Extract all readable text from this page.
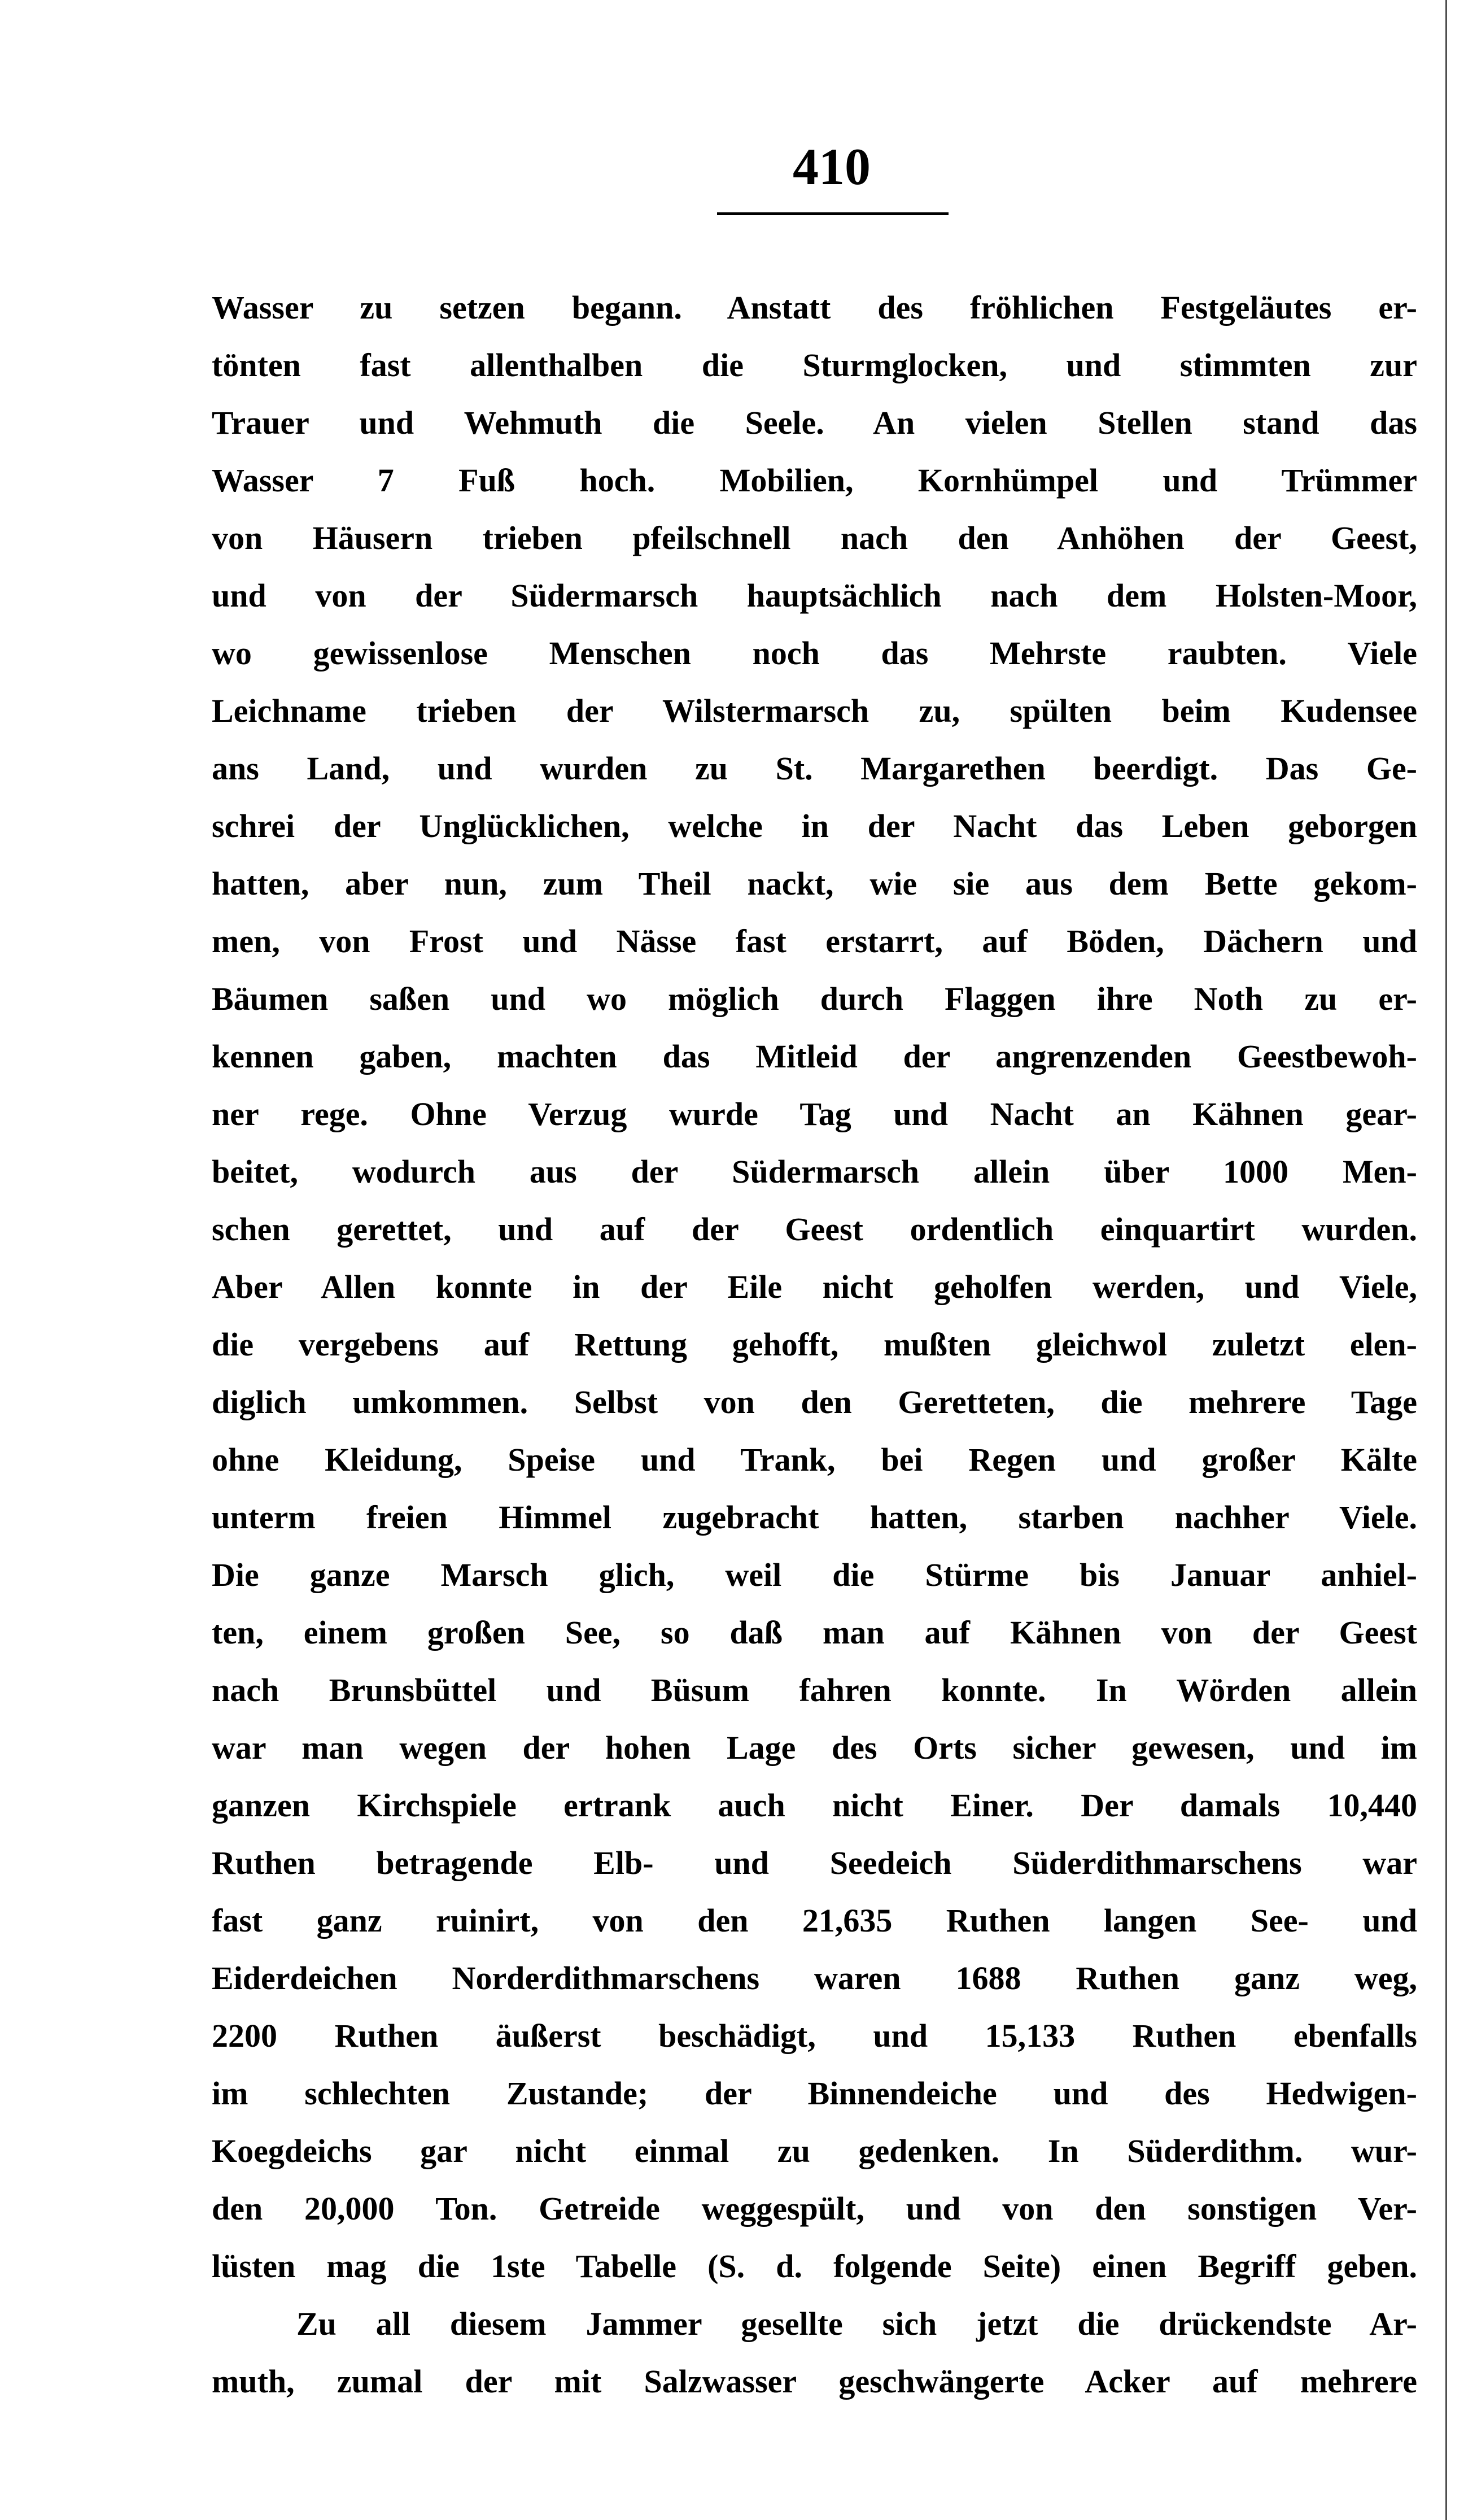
410
Wasser zu setzen begann. Anstatt des fröhlichen Festgeläutes er-
tönten fast allenthalben die Sturmglocken, und stimmten zur
Trauer und Wehmuth die Seele. An vielen Stellen stand das
Wasser 7 Fuß hoch. Mobilien, Kornhümpel und Trümmer
von Häusern trieben pfeilschnell nach den Anhöhen der Geest,
und von der Südermarsch hauptsächlich nach dem Holsten-Moor,
wo gewissenlose Menschen noch das Mehrste raubten. Viele
Leichname trieben der Wilstermarsch zu, spülten beim Kudensee
ans Land, und wurden zu St. Margarethen beerdigt. Das Ge-
schrei der Unglücklichen, welche in der Nacht das Leben geborgen
hatten, aber nun, zum Theil nackt, wie sie aus dem Bette gekom-
men, von Frost und Nässe fast erstarrt, auf Böden, Dächern und
Bäumen saßen und wo möglich durch Flaggen ihre Noth zu er-
kennen gaben, machten das Mitleid der angrenzenden Geestbewoh-
ner rege. Ohne Verzug wurde Tag und Nacht an Kähnen gear-
beitet, wodurch aus der Südermarsch allein über 1000 Men-
schen gerettet, und auf der Geest ordentlich einquartirt wurden.
Aber Allen konnte in der Eile nicht geholfen werden, und Viele,
die vergebens auf Rettung gehofft, mußten gleichwol zuletzt elen-
diglich umkommen. Selbst von den Geretteten, die mehrere Tage
ohne Kleidung, Speise und Trank, bei Regen und großer Kälte
unterm freien Himmel zugebracht hatten, starben nachher Viele.
Die ganze Marsch glich, weil die Stürme bis Januar anhiel-
ten, einem großen See, so daß man auf Kähnen von der Geest
nach Brunsbüttel und Büsum fahren konnte. In Wörden allein
war man wegen der hohen Lage des Orts sicher gewesen, und im
ganzen Kirchspiele ertrank auch nicht Einer. Der damals 10,440
Ruthen betragende Elb- und Seedeich Süderdithmarschens war
fast ganz ruinirt, von den 21,635 Ruthen langen See- und
Eiderdeichen Norderdithmarschens waren 1688 Ruthen ganz weg,
2200 Ruthen äußerst beschädigt, und 15,133 Ruthen ebenfalls
im schlechten Zustande; der Binnendeiche und des Hedwigen-
Koegdeichs gar nicht einmal zu gedenken. In Süderdithm. wur-
den 20,000 Ton. Getreide weggespült, und von den sonstigen Ver-
lüsten mag die 1ste Tabelle (S. d. folgende Seite) einen Begriff geben.
Zu all diesem Jammer gesellte sich jetzt die drückendste Ar-
muth, zumal der mit Salzwasser geschwängerte Acker auf mehrere
